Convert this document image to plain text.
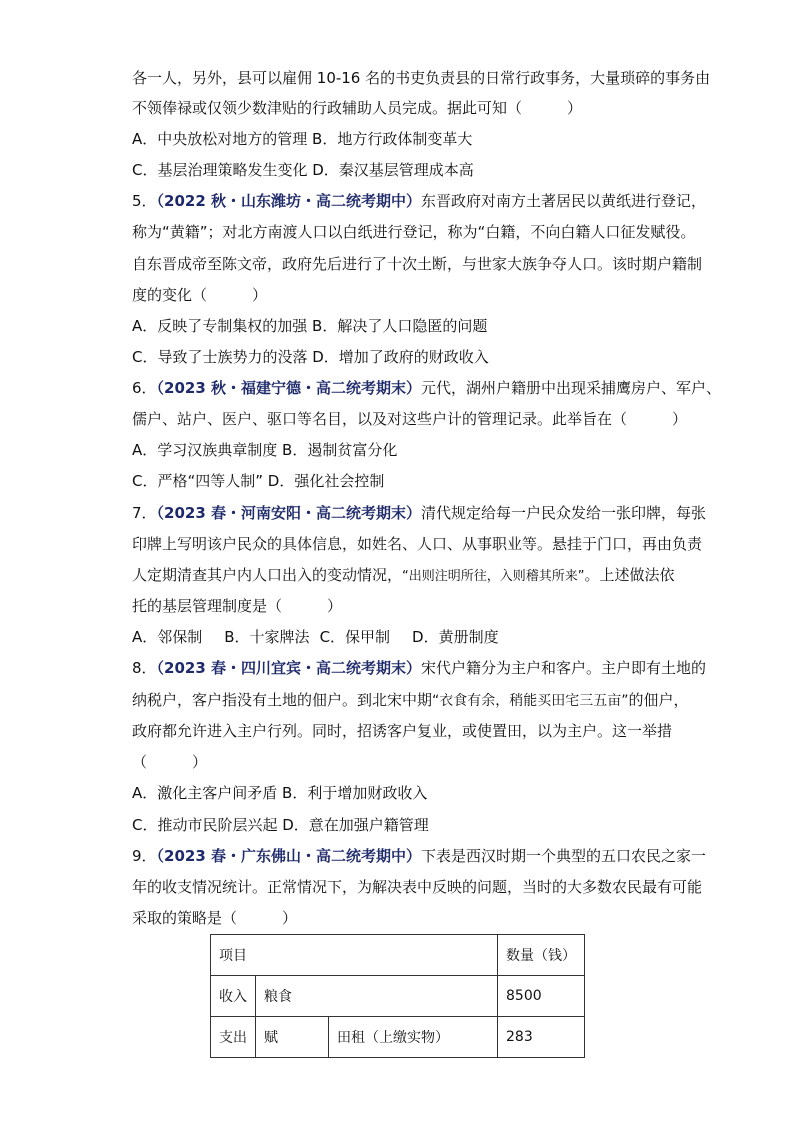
各一人，另外，县可以雇佣 10-16 名的书吏负责县的日常行政事务，大量琐碎的事务由
不领俸禄或仅领少数津贴的行政辅助人员完成。据此可知（　　　）
A．中央放松对地方的管理 B．地方行政体制变革大
C．基层治理策略发生变化 D．秦汉基层管理成本高
5．（2022 秋・山东潍坊・高二统考期中）东晋政府对南方土著居民以黄纸进行登记，
称为“黄籍”；对北方南渡人口以白纸进行登记，称为“白籍，不向白籍人口征发赋役。
自东晋成帝至陈文帝，政府先后进行了十次土断，与世家大族争夺人口。该时期户籍制
度的变化（　　　）
A．反映了专制集权的加强 B．解决了人口隐匿的问题
C．导致了士族势力的没落 D．增加了政府的财政收入
6．（2023 秋・福建宁德・高二统考期末）元代，湖州户籍册中出现采捕鹰房户、军户、
儒户、站户、医户、驱口等名目，以及对这些户计的管理记录。此举旨在（　　　）
A．学习汉族典章制度 B．遏制贫富分化
C．严格“四等人制” D．强化社会控制
7．（2023 春・河南安阳・高二统考期末）清代规定给每一户民众发给一张印牌，每张
印牌上写明该户民众的具体信息，如姓名、人口、从事职业等。悬挂于门口，再由负责
人定期清查其户内人口出入的变动情况，“出则注明所往，入则稽其所来”。上述做法依
托的基层管理制度是（　　　）
A．邻保制 B．十家牌法 C．保甲制 D．黄册制度
8．（2023 春・四川宜宾・高二统考期末）宋代户籍分为主户和客户。主户即有土地的
纳税户，客户指没有土地的佃户。到北宋中期“衣食有余，稍能买田宅三五亩”的佃户，
政府都允许进入主户行列。同时，招诱客户复业，或使置田，以为主户。这一举措
（　　　）
A．激化主客户间矛盾 B．利于增加财政收入
C．推动市民阶层兴起 D．意在加强户籍管理
9．（2023 春・广东佛山・高二统考期中）下表是西汉时期一个典型的五口农民之家一
年的收支情况统计。正常情况下，为解决表中反映的问题，当时的大多数农民最有可能
采取的策略是（　　　）
项目			数量（钱）
收入	粮食		8500
支出	赋	田租（上缴实物）	283
